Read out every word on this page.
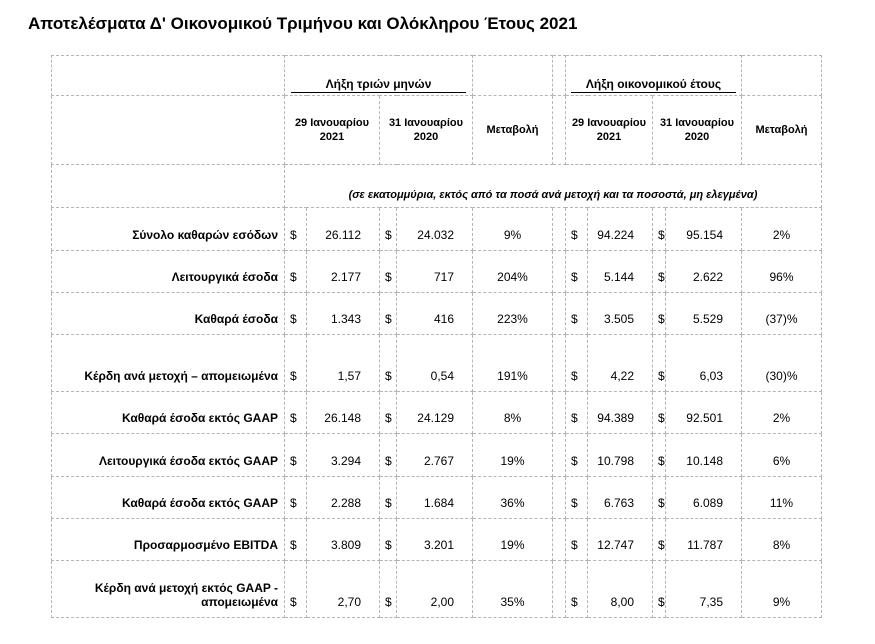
Αποτελέσματα Δ' Οικονομικού Τριμήνου και Ολόκληρου Έτους 2021
	Λήξη τριών μηνών						Λήξη οικονομικού έτους				
	29 Ιανουαρίου 2021		31 Ιανουαρίου 2020		Μεταβολή		29 Ιανουαρίου 2021		31 Ιανουαρίου 2020		Μεταβολή
	(σε εκατομμύρια, εκτός από τα ποσά ανά μετοχή και τα ποσοστά, μη ελεγμένα)										
Σύνολο καθαρών εσόδων	$	26.112	$	24.032	9%		$	94.224	$	95.154	2%
Λειτουργικά έσοδα	$	2.177	$	717	204%		$	5.144	$	2.622	96%
Καθαρά έσοδα	$	1.343	$	416	223%		$	3.505	$	5.529	(37)%
Κέρδη ανά μετοχή – απομειωμένα	$	1,57	$	0,54	191%		$	4,22	$	6,03	(30)%
Καθαρά έσοδα εκτός GAAP	$	26.148	$	24.129	8%		$	94.389	$	92.501	2%
Λειτουργικά έσοδα εκτός GAAP	$	3.294	$	2.767	19%		$	10.798	$	10.148	6%
Καθαρά έσοδα εκτός GAAP	$	2.288	$	1.684	36%		$	6.763	$	6.089	11%
Προσαρμοσμένο EBITDA	$	3.809	$	3.201	19%		$	12.747	$	11.787	8%
Κέρδη ανά μετοχή εκτός GAAP - απομειωμένα	$	2,70	$	2,00	35%		$	8,00	$	7,35	9%
